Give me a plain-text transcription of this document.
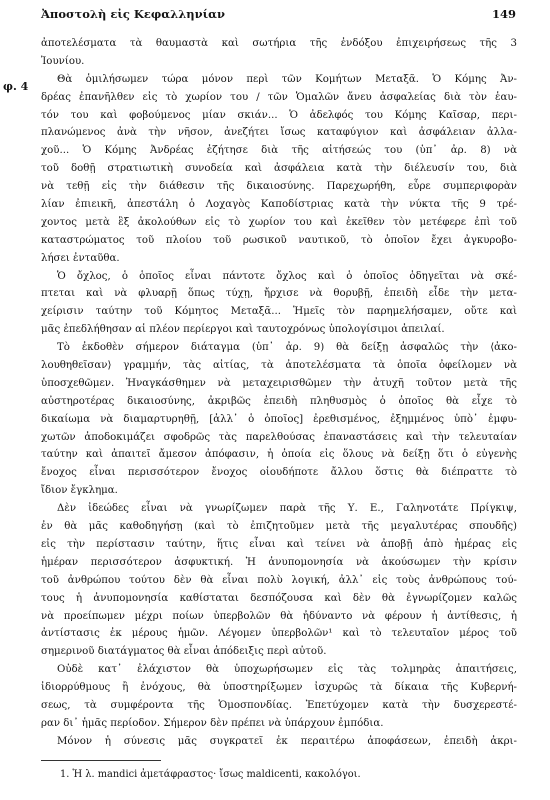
Ἀποστολὴ εἰς Κεφαλληνίαν	149
φ. 4
ἀποτελέσματα τὰ θαυμαστὰ καὶ σωτήρια τῆς ἐνδόξου ἐπιχειρήσεως τῆς 3
Ἰουνίου.
Θὰ ὁμιλήσωμεν τώρα μόνον περὶ τῶν Κομήτων Μεταξᾶ. Ὁ Κόμης Ἀν-
δρέας ἐπανῆλθεν εἰς τὸ χωρίον του / τῶν Ὁμαλῶν ἄνευ ἀσφαλείας διὰ τὸν ἑαυ-
τόν του καὶ φοβούμενος μίαν σκιάν... Ὁ ἀδελφός του Κόμης Καῖσαρ, περι-
πλανώμενος ἀνὰ τὴν νῆσον, ἀνεζήτει ἴσως καταφύγιον καὶ ἀσφάλειαν ἀλλα-
χοῦ... Ὁ Κόμης Ἀνδρέας ἐζήτησε διὰ τῆς αἰτήσεώς του (ὑπ᾽ ἀρ. 8) νὰ
τοῦ δοθῇ στρατιωτικὴ συνοδεία καὶ ἀσφάλεια κατὰ τὴν διέλευσίν του, διὰ
νὰ τεθῇ εἰς τὴν διάθεσιν τῆς δικαιοσύνης. Παρεχωρήθη, εὗρε συμπεριφορὰν
λίαν ἐπιεικῆ, ἀπεστάλη ὁ Λοχαγὸς Καποδίστριας κατὰ τὴν νύκτα τῆς 9 τρέ-
χοντος μετὰ ἓξ ἀκολούθων εἰς τὸ χωρίον του καὶ ἐκεῖθεν τὸν μετέφερε ἐπὶ τοῦ
καταστρώματος τοῦ πλοίου τοῦ ρωσικοῦ ναυτικοῦ, τὸ ὁποῖον ἔχει ἀγκυροβο-
λήσει ἐνταῦθα.
Ὁ ὄχλος, ὁ ὁποῖος εἶναι πάντοτε ὄχλος καὶ ὁ ὁποῖος ὁδηγεῖται νὰ σκέ-
πτεται καὶ νὰ φλυαρῇ ὅπως τύχῃ, ἤρχισε νὰ θορυβῇ, ἐπειδὴ εἶδε τὴν μετα-
χείρισιν ταύτην τοῦ Κόμητος Μεταξᾶ... Ἡμεῖς τὸν παρημελήσαμεν, οὔτε καὶ
μᾶς ἐπεδλήθησαν αἱ πλέον περίεργοι καὶ ταυτοχρόνως ὑπολογίσιμοι ἀπειλαί.
Τὸ ἐκδοθὲν σήμερον διάταγμα (ὑπ᾽ ἀρ. 9) θὰ δείξῃ ἀσφαλῶς τὴν ⟨ἀκο-
λουθηθεῖσαν⟩ γραμμήν, τὰς αἰτίας, τὰ ἀποτελέσματα τὰ ὁποῖα ὀφείλομεν νὰ
ὑποσχεθῶμεν. Ἠναγκάσθημεν νὰ μεταχειρισθῶμεν τὴν ἀτυχῆ τοῦτον μετὰ τῆς
αὐστηροτέρας δικαιοσύνης, ἀκριβῶς ἐπειδὴ πληθυσμὸς ὁ ὁποῖος θὰ εἶχε τὸ
δικαίωμα νὰ διαμαρτυρηθῇ, [ἀλλ᾽ ὁ ὁποῖος] ἐρεθισμένος, ἐξημμένος ὑπὸ᾽ ἐμφυ-
χωτῶν ἀποδοκιμάζει σφοδρῶς τὰς παρελθούσας ἐπαναστάσεις καὶ τὴν τελευταίαν
ταύτην καὶ ἀπαιτεῖ ἄμεσον ἀπόφασιν, ἡ ὁποία εἰς ὅλους νὰ δείξῃ ὅτι ὁ εὐγενὴς
ἔνοχος εἶναι περισσότερον ἔνοχος οἱουδήποτε ἄλλου ὅστις θὰ διέπραττε τὸ
ἴδιον ἔγκλημα.
Δὲν ἰδεώδες εἶναι νὰ γνωρίζωμεν παρὰ τῆς Υ. Ε., Γαληνοτάτε Πρίγκιψ,
ἐν θὰ μᾶς καθοδηγήσῃ (καὶ τὸ ἐπιζητοῦμεν μετὰ τῆς μεγαλυτέρας σπουδῆς)
εἰς τὴν περίστασιν ταύτην, ἥτις εἶναι καὶ τείνει νὰ ἀποβῇ ἀπὸ ἡμέρας εἰς
ἡμέραν περισσότερον ἀσφυκτική. Ἡ ἀνυπομονησία νὰ ἀκούσωμεν τὴν κρίσιν
τοῦ ἀνθρώπου τούτου δὲν θὰ εἶναι πολὺ λογική, ἀλλ᾽ εἰς τοὺς ἀνθρώπους τού-
τους ἡ ἀνυπομονησία καθίσταται δεσπόζουσα καὶ δὲν θὰ ἐγνωρίζομεν καλῶς
νὰ προείπωμεν μέχρι ποίων ὑπερβολῶν θὰ ἠδύναντο νὰ φέρουν ἡ ἀντίθεσις, ἡ
ἀντίστασις ἐκ μέρους ἡμῶν. Λέγομεν ὑπερβολῶν¹ καὶ τὸ τελευταῖον μέρος τοῦ
σημερινοῦ διατάγματος θὰ εἶναι ἀπόδειξις περὶ αὐτοῦ.
Οὐδὲ κατ᾽ ἐλάχιστον θὰ ὑποχωρήσωμεν εἰς τὰς τολμηρὰς ἀπαιτήσεις,
ἰδιορρύθμους ἢ ἐνόχους, θὰ ὑποστηρίξωμεν ἰσχυρῶς τὰ δίκαια τῆς Κυβερνή-
σεως, τὰ συμφέροντα τῆς Ὁμοσπονδίας. Ἐπετύχομεν κατὰ τὴν δυσχερεστέ-
ραν δι᾽ ἡμᾶς περίοδον. Σήμερον δὲν πρέπει νὰ ὑπάρχουν ἐμπόδια.
Μόνον ἡ σύνεσις μᾶς συγκρατεῖ ἐκ περαιτέρω ἀποφάσεων, ἐπειδὴ ἀκρι-
1. Ἡ λ. mandici ἀμετάφραστος· ἴσως maldicenti, κακολόγοι.
